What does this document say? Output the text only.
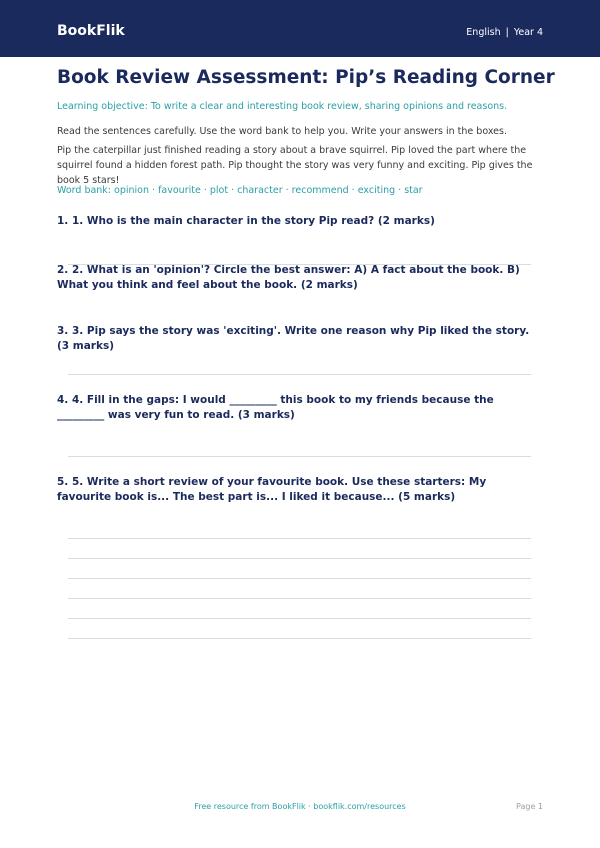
BookFlik	English | Year 4
Book Review Assessment: Pip’s Reading Corner

Learning objective: To write a clear and interesting book review, sharing opinions and reasons.

Read the sentences carefully. Use the word bank to help you. Write your answers in the boxes.

Pip the caterpillar just finished reading a story about a brave squirrel. Pip loved the part where the squirrel found a hidden forest path. Pip thought the story was very funny and exciting. Pip gives the book 5 stars!

Word bank: opinion · favourite · plot · character · recommend · exciting · star

1. 1. Who is the main character in the story Pip read? (2 marks)

2. 2. What is an 'opinion'? Circle the best answer: A) A fact about the book. B) What you think and feel about the book. (2 marks)

3. 3. Pip says the story was 'exciting'. Write one reason why Pip liked the story. (3 marks)

4. 4. Fill in the gaps: I would _________ this book to my friends because the _________ was very fun to read. (3 marks)

5. 5. Write a short review of your favourite book. Use these starters: My favourite book is... The best part is... I liked it because... (5 marks)

Free resource from BookFlik · bookflik.com/resources	Page 1
